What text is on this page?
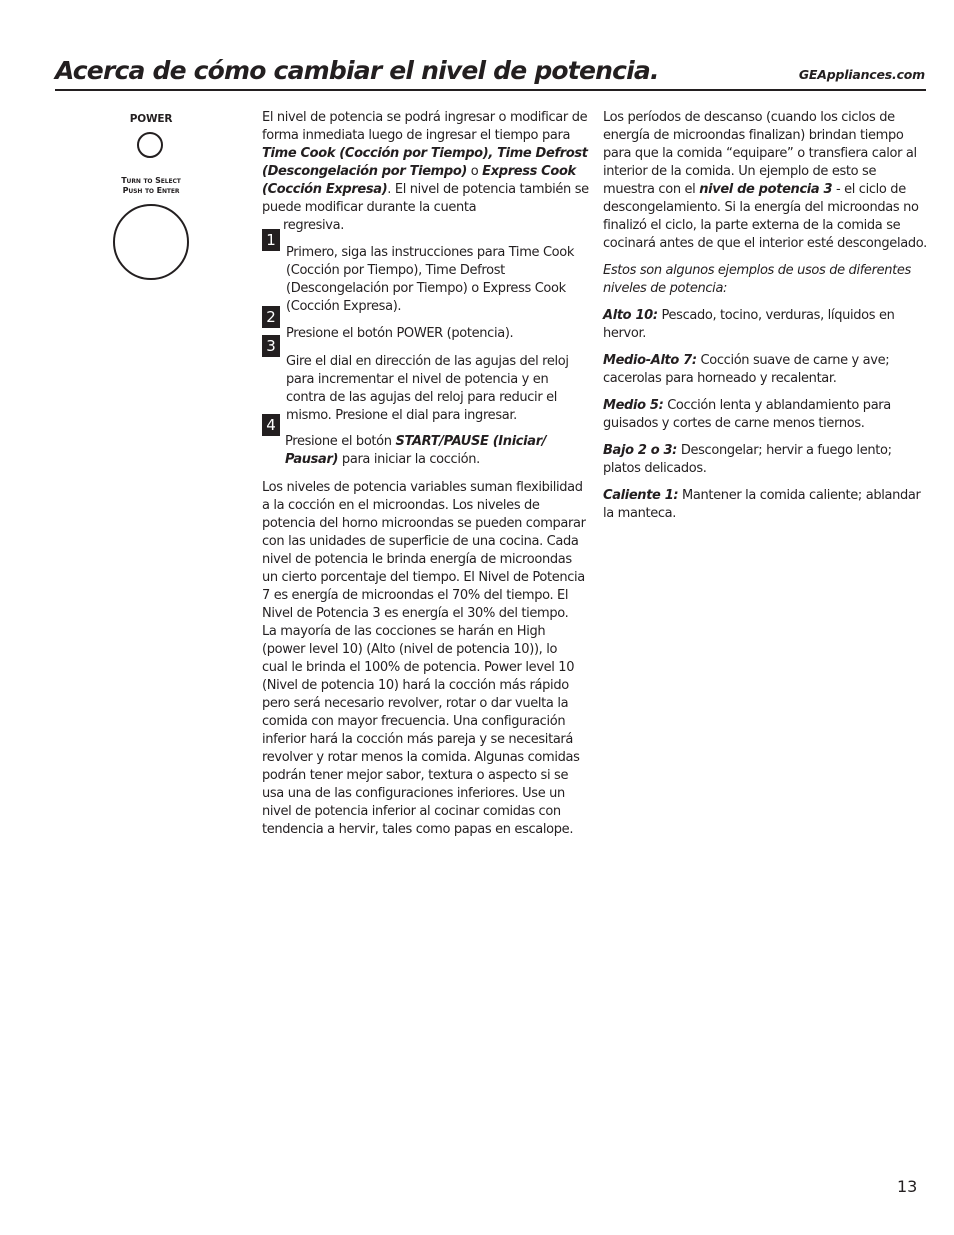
Acerca de cómo cambiar el nivel de potencia.	GEAppliances.com
POWER
Turn to Select
Push to Enter

El nivel de potencia se podrá ingresar o modificar de forma inmediata luego de ingresar el tiempo para Time Cook (Cocción por Tiempo), Time Defrost (Descongelación por Tiempo) o Express Cook (Cocción Expresa). El nivel de potencia también se puede modificar durante la cuenta

regresiva.
1
Primero, siga las instrucciones para Time Cook (Cocción por Tiempo), Time Defrost (Descongelación por Tiempo) o Express Cook (Cocción Expresa).
2
Presione el botón POWER (potencia).
3
Gire el dial en dirección de las agujas del reloj para incrementar el nivel de potencia y en contra de las agujas del reloj para reducir el mismo. Presione el dial para ingresar.
4
Presione el botón START/PAUSE (Iniciar/ Pausar) para iniciar la cocción.

Los niveles de potencia variables suman flexibilidad a la cocción en el microondas. Los niveles de potencia del horno microondas se pueden comparar con las unidades de superficie de una cocina. Cada nivel de potencia le brinda energía de microondas un cierto porcentaje del tiempo. El Nivel de Potencia 7 es energía de microondas el 70% del tiempo. El Nivel de Potencia 3 es energía el 30% del tiempo. La mayoría de las cocciones se harán en High (power level 10) (Alto (nivel de potencia 10)), lo cual le brinda el 100% de potencia. Power level 10 (Nivel de potencia 10) hará la cocción más rápido pero será necesario revolver, rotar o dar vuelta la comida con mayor frecuencia. Una configuración inferior hará la cocción más pareja y se necesitará revolver y rotar menos la comida. Algunas comidas podrán tener mejor sabor, textura o aspecto si se usa una de las configuraciones inferiores. Use un nivel de potencia inferior al cocinar comidas con tendencia a hervir, tales como papas en escalope.

Los períodos de descanso (cuando los ciclos de energía de microondas finalizan) brindan tiempo para que la comida “equipare” o transfiera calor al interior de la comida. Un ejemplo de esto se muestra con el nivel de potencia 3 - el ciclo de descongelamiento. Si la energía del microondas no finalizó el ciclo, la parte externa de la comida se cocinará antes de que el interior esté descongelado.

Estos son algunos ejemplos de usos de diferentes niveles de potencia:

Alto 10: Pescado, tocino, verduras, líquidos en hervor.

Medio-Alto 7: Cocción suave de carne y ave; cacerolas para horneado y recalentar.

Medio 5: Cocción lenta y ablandamiento para guisados y cortes de carne menos tiernos.

Bajo 2 o 3: Descongelar; hervir a fuego lento; platos delicados.

Caliente 1: Mantener la comida caliente; ablandar la manteca.

13
